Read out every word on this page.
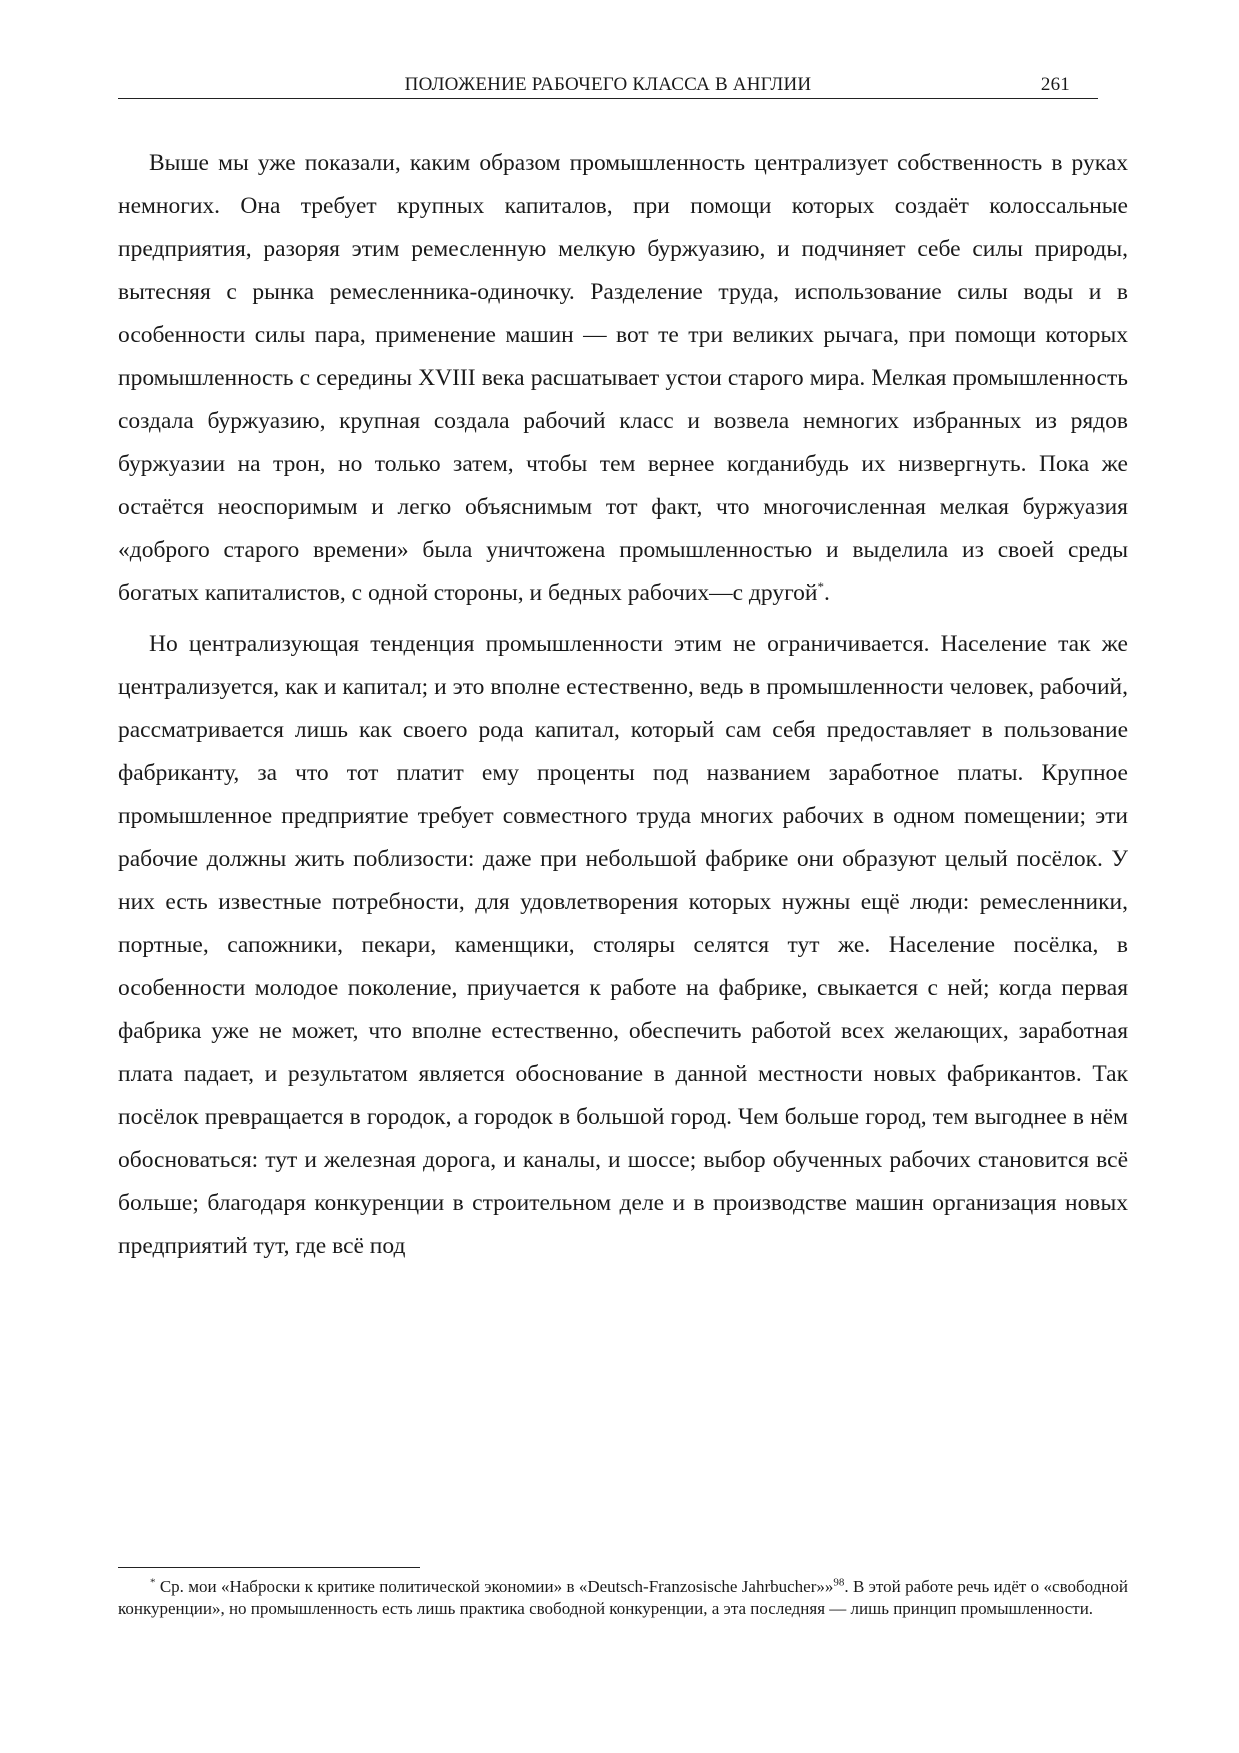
ПОЛОЖЕНИЕ РАБОЧЕГО КЛАССА В АНГЛИИ	261

Выше мы уже показали, каким образом промышленность централизует собственность в руках немногих. Она требует крупных капиталов, при помощи которых создаёт колоссальные предприятия, разоряя этим ремесленную мелкую буржуазию, и подчиняет себе силы природы, вытесняя с рынка ремесленника-одиночку. Разделение труда, использование силы воды и в особенности силы пара, применение машин — вот те три великих рычага, при помощи которых промышленность с середины XVIII века расшатывает устои старого мира. Мелкая промышленность создала буржуазию, крупная создала рабочий класс и возвела немногих избранных из рядов буржуазии на трон, но только затем, чтобы тем вернее когданибудь их низвергнуть. Пока же остаётся неоспоримым и легко объяснимым тот факт, что многочисленная мелкая буржуазия «доброго старого времени» была уничтожена промышленностью и выделила из своей среды богатых капиталистов, с одной стороны, и бедных рабочих—с другой*.

Но централизующая тенденция промышленности этим не ограничивается. Население так же централизуется, как и капитал; и это вполне естественно, ведь в промышленности человек, рабочий, рассматривается лишь как своего рода капитал, который сам себя предоставляет в пользование фабриканту, за что тот платит ему проценты под названием заработное платы. Крупное промышленное предприятие требует совместного труда многих рабочих в одном помещении; эти рабочие должны жить поблизости: даже при небольшой фабрике они образуют целый посёлок. У них есть известные потребности, для удовлетворения которых нужны ещё люди: ремесленники, портные, сапожники, пекари, каменщики, столяры селятся тут же. Население посёлка, в особенности молодое поколение, приучается к работе на фабрике, свыкается с ней; когда первая фабрика уже не может, что вполне естественно, обеспечить работой всех желающих, заработная плата падает, и результатом является обоснование в данной местности новых фабрикантов. Так посёлок превращается в городок, а городок в большой город. Чем больше город, тем выгоднее в нём обосноваться: тут и железная дорога, и каналы, и шоссе; выбор обученных рабочих становится всё больше; благодаря конкуренции в строительном деле и в производстве машин организация новых предприятий тут, где всё под

* Ср. мои «Наброски к критике политической экономии» в «Deutsch-Franzosische Jahrbucher»»$^{98}$. В этой работе речь идёт о «свободной конкуренции», но промышленность есть лишь практика свободной конкуренции, а эта последняя — лишь принцип промышленности.
